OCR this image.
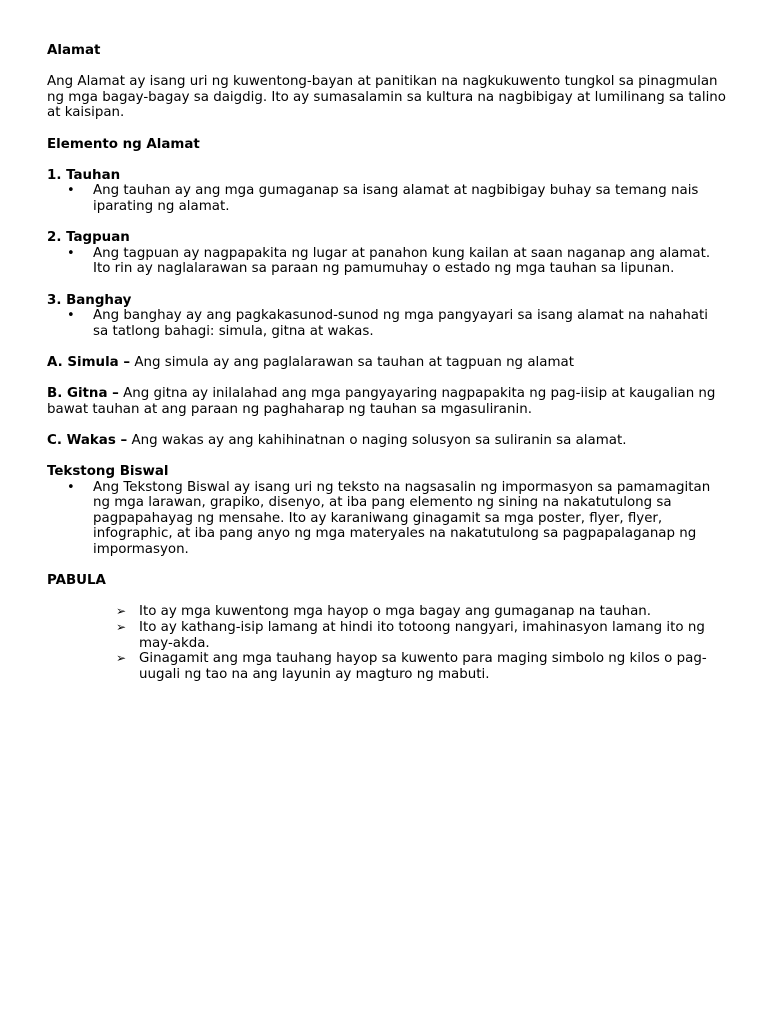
Alamat
Ang Alamat ay isang uri ng kuwentong-bayan at panitikan na nagkukuwento tungkol sa pinagmulan ng mga bagay-bagay sa daigdig. Ito ay sumasalamin sa kultura na nagbibigay at lumilinang sa talino at kaisipan.
Elemento ng Alamat
1. Tauhan
• Ang tauhan ay ang mga gumaganap sa isang alamat at nagbibigay buhay sa temang nais iparating ng alamat.
2. Tagpuan
• Ang tagpuan ay nagpapakita ng lugar at panahon kung kailan at saan naganap ang alamat. Ito rin ay naglalarawan sa paraan ng pamumuhay o estado ng mga tauhan sa lipunan.
3. Banghay
• Ang banghay ay ang pagkakasunod-sunod ng mga pangyayari sa isang alamat na nahahati sa tatlong bahagi: simula, gitna at wakas.
A. Simula – Ang simula ay ang paglalarawan sa tauhan at tagpuan ng alamat
B. Gitna – Ang gitna ay inilalahad ang mga pangyayaring nagpapakita ng pag-iisip at kaugalian ng bawat tauhan at ang paraan ng paghaharap ng tauhan sa mgasuliranin.
C. Wakas – Ang wakas ay ang kahihinatnan o naging solusyon sa suliranin sa alamat.
Tekstong Biswal
• Ang Tekstong Biswal ay isang uri ng teksto na nagsasalin ng impormasyon sa pamamagitan ng mga larawan, grapiko, disenyo, at iba pang elemento ng sining na nakatutulong sa pagpapahayag ng mensahe. Ito ay karaniwang ginagamit sa mga poster, flyer, flyer, infographic, at iba pang anyo ng mga materyales na nakatutulong sa pagpapalaganap ng impormasyon.
PABULA
➢ Ito ay mga kuwentong mga hayop o mga bagay ang gumaganap na tauhan.
➢ Ito ay kathang-isip lamang at hindi ito totoong nangyari, imahinasyon lamang ito ng may-akda.
➢ Ginagamit ang mga tauhang hayop sa kuwento para maging simbolo ng kilos o pag-uugali ng tao na ang layunin ay magturo ng mabuti.
